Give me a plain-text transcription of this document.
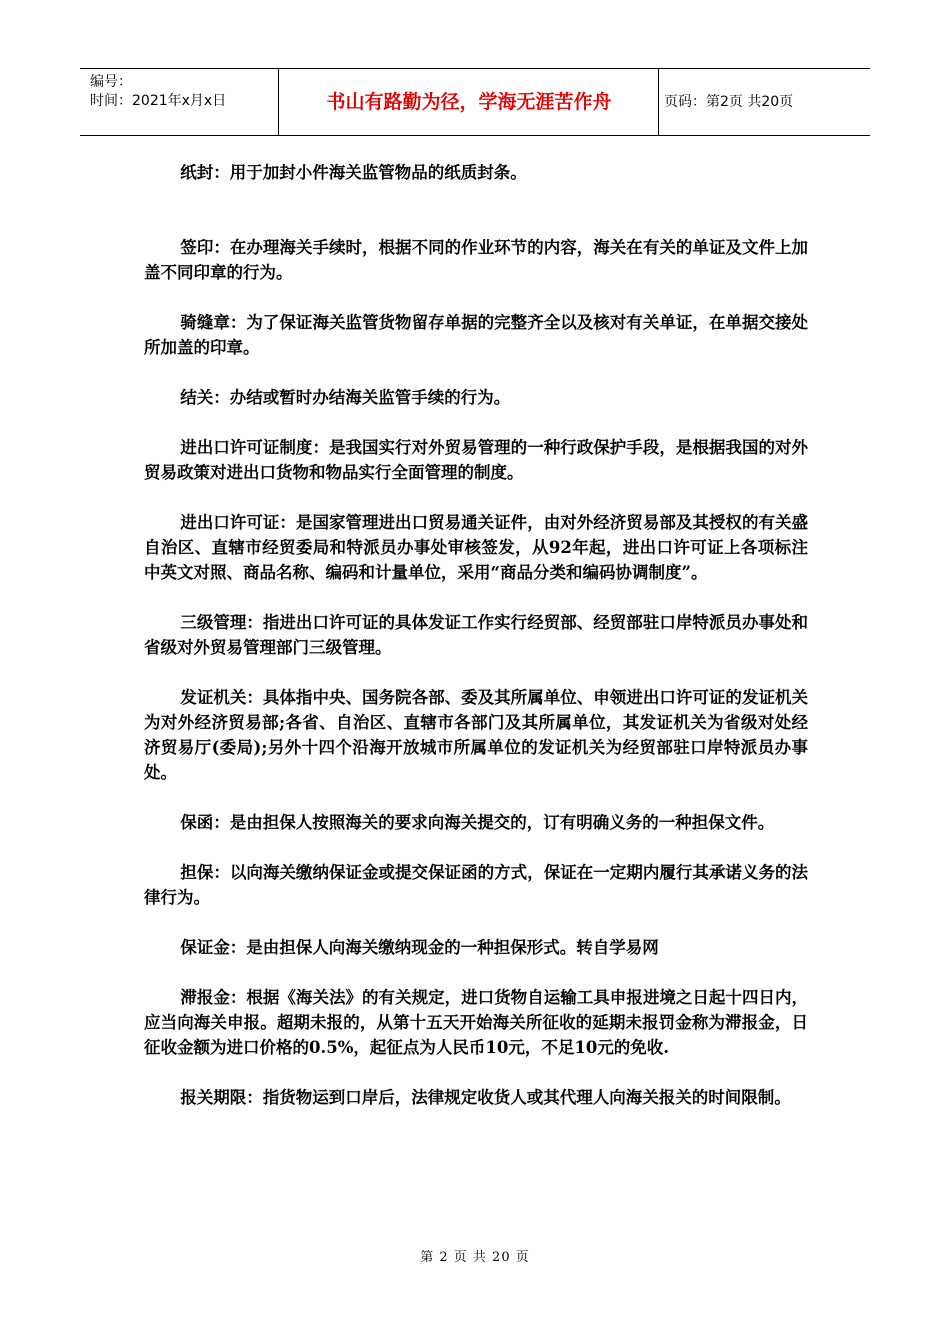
编号：
时间：2021年x月x日	书山有路勤为径，学海无涯苦作舟	页码：第2页 共20页

纸封：用于加封小件海关监管物品的纸质封条。

签印：在办理海关手续时，根据不同的作业环节的内容，海关在有关的单证及文件上加盖不同印章的行为。

骑缝章：为了保证海关监管货物留存单据的完整齐全以及核对有关单证，在单据交接处所加盖的印章。

结关：办结或暂时办结海关监管手续的行为。

进出口许可证制度：是我国实行对外贸易管理的一种行政保护手段，是根据我国的对外贸易政策对进出口货物和物品实行全面管理的制度。

进出口许可证：是国家管理进出口贸易通关证件，由对外经济贸易部及其授权的有关盛自治区、直辖市经贸委局和特派员办事处审核签发，从92年起，进出口许可证上各项标注中英文对照、商品名称、编码和计量单位，采用“商品分类和编码协调制度”。

三级管理：指进出口许可证的具体发证工作实行经贸部、经贸部驻口岸特派员办事处和省级对外贸易管理部门三级管理。

发证机关：具体指中央、国务院各部、委及其所属单位、申领进出口许可证的发证机关为对外经济贸易部;各省、自治区、直辖市各部门及其所属单位，其发证机关为省级对处经济贸易厅(委局);另外十四个沿海开放城市所属单位的发证机关为经贸部驻口岸特派员办事处。

保函：是由担保人按照海关的要求向海关提交的，订有明确义务的一种担保文件。

担保：以向海关缴纳保证金或提交保证函的方式，保证在一定期内履行其承诺义务的法律行为。

保证金：是由担保人向海关缴纳现金的一种担保形式。转自学易网

滞报金：根据《海关法》的有关规定，进口货物自运输工具申报进境之日起十四日内，应当向海关申报。超期未报的，从第十五天开始海关所征收的延期未报罚金称为滞报金，日征收金额为进口价格的0.5%，起征点为人民币10元，不足10元的免收.

报关期限：指货物运到口岸后，法律规定收货人或其代理人向海关报关的时间限制。

第 2 页 共 20 页
